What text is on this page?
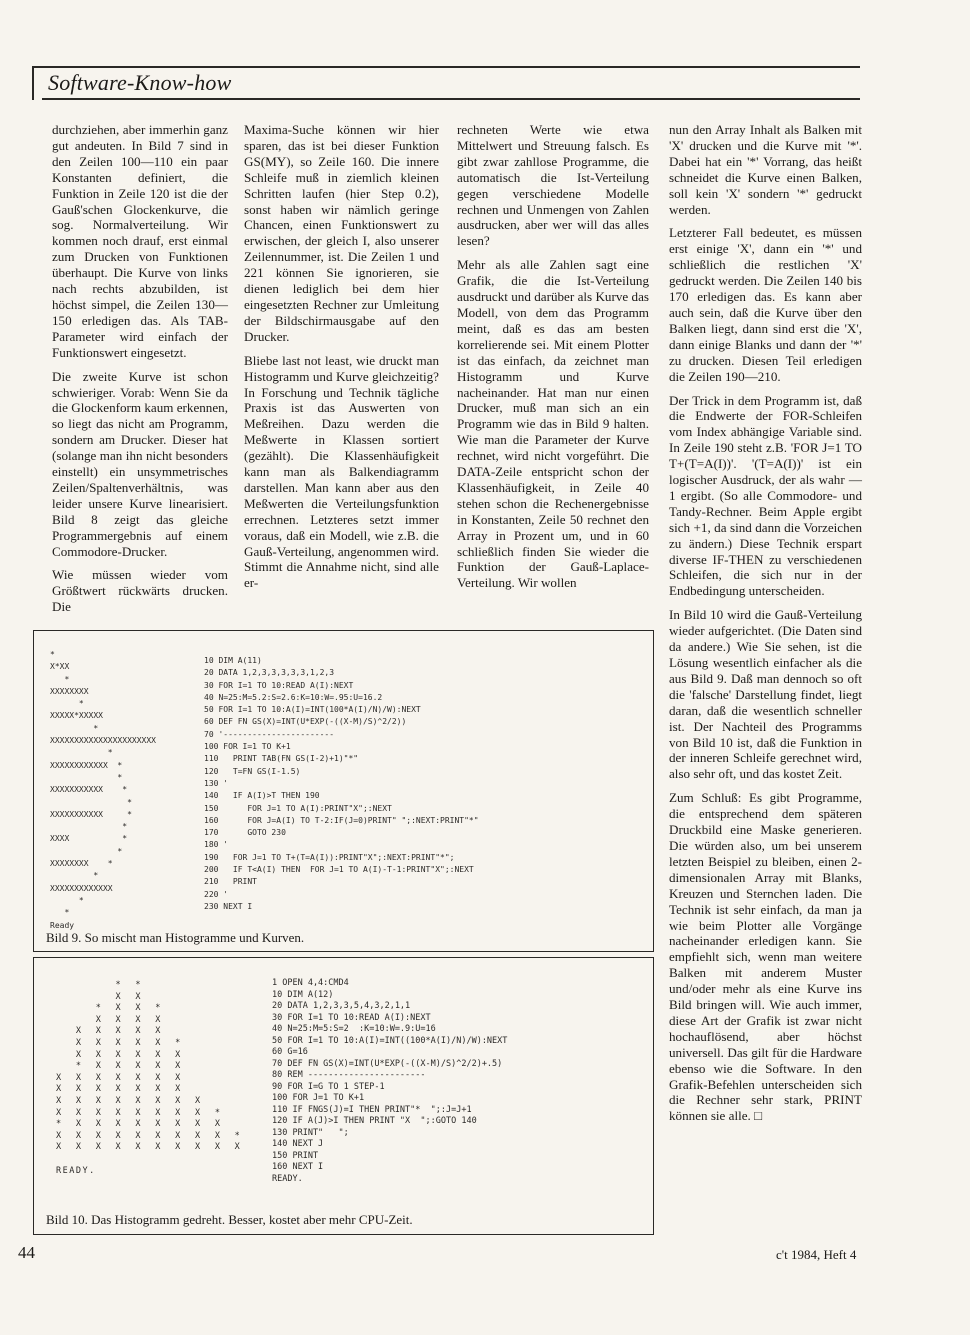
Software-Know-how

durchziehen, aber immerhin ganz gut andeuten. In Bild 7 sind in den Zeilen 100—110 ein paar Konstanten definiert, die Funktion in Zeile 120 ist die der Gauß'schen Glockenkurve, die sog. Normalverteilung. Wir kommen noch drauf, erst einmal zum Drucken von Funktionen überhaupt. Die Kurve von links nach rechts abzubilden, ist höchst simpel, die Zeilen 130—150 erledigen das. Als TAB-Parameter wird einfach der Funktionswert eingesetzt.

Die zweite Kurve ist schon schwieriger. Vorab: Wenn Sie da die Glockenform kaum erkennen, so liegt das nicht am Programm, sondern am Drucker. Dieser hat (solange man ihn nicht besonders einstellt) ein unsymmetrisches Zeilen/Spaltenverhältnis, was leider unsere Kurve linearisiert. Bild 8 zeigt das gleiche Programmergebnis auf einem Commodore-Drucker.

Wie müssen wieder vom Größtwert rückwärts drucken. Die

Maxima-Suche können wir hier sparen, das ist bei dieser Funktion GS(MY), so Zeile 160. Die innere Schleife muß in ziemlich kleinen Schritten laufen (hier Step 0.2), sonst haben wir nämlich geringe Chancen, einen Funktionswert zu erwischen, der gleich I, also unserer Zeilennummer, ist. Die Zeilen 1 und 221 können Sie ignorieren, sie dienen lediglich bei dem hier eingesetzten Rechner zur Umleitung der Bildschirmausgabe auf den Drucker.

Bliebe last not least, wie druckt man Histogramm und Kurve gleichzeitig? In Forschung und Technik tägliche Praxis ist das Auswerten von Meßreihen. Dazu werden die Meßwerte in Klassen sortiert (gezählt). Die Klassenhäufigkeit kann man als Balkendiagramm darstellen. Man kann aber aus den Meßwerten die Verteilungsfunktion errechnen. Letzteres setzt immer voraus, daß ein Modell, wie z.B. die Gauß-Verteilung, angenommen wird. Stimmt die Annahme nicht, sind alle er-

rechneten Werte wie etwa Mittelwert und Streuung falsch. Es gibt zwar zahllose Programme, die automatisch die Ist-Verteilung gegen verschiedene Modelle rechnen und Unmengen von Zahlen ausdrucken, aber wer will das alles lesen?

Mehr als alle Zahlen sagt eine Grafik, die die Ist-Verteilung ausdruckt und darüber als Kurve das Modell, von dem das Programm meint, daß es das am besten korrelierende sei. Mit einem Plotter ist das einfach, da zeichnet man Histogramm und Kurve nacheinander. Hat man nur einen Drucker, muß man sich an ein Programm wie das in Bild 9 halten. Wie man die Parameter der Kurve rechnet, wird nicht vorgeführt. Die DATA-Zeile entspricht schon der Klassenhäufigkeit, in Zeile 40 stehen schon die Rechenergebnisse in Konstanten, Zeile 50 rechnet den Array in Prozent um, und in 60 schließlich finden Sie wieder die Funktion der Gauß-Laplace-Verteilung. Wir wollen

nun den Array Inhalt als Balken mit 'X' drucken und die Kurve mit '*'. Dabei hat ein '*' Vorrang, das heißt schneidet die Kurve einen Balken, soll kein 'X' sondern '*' gedruckt werden.

Letzterer Fall bedeutet, es müssen erst einige 'X', dann ein '*' und schließlich die restlichen 'X' gedruckt werden. Die Zeilen 140 bis 170 erledigen das. Es kann aber auch sein, daß die Kurve über den Balken liegt, dann sind erst die 'X', dann einige Blanks und dann der '*' zu drucken. Diesen Teil erledigen die Zeilen 190—210.

Der Trick in dem Programm ist, daß die Endwerte der FOR-Schleifen vom Index abhängige Variable sind. In Zeile 190 steht z.B. 'FOR J=1 TO T+(T=A(I))'. '(T=A(I))' ist ein logischer Ausdruck, der als wahr —1 ergibt. (So alle Commodore- und Tandy-Rechner. Beim Apple ergibt sich +1, da sind dann die Vorzeichen zu ändern.) Diese Technik erspart diverse IF-THEN zu verschiedenen Schleifen, die sich nur in der Endbedingung unterscheiden.

In Bild 10 wird die Gauß-Verteilung wieder aufgerichtet. (Die Daten sind da andere.) Wie Sie sehen, ist die Lösung wesentlich einfacher als die aus Bild 9. Daß man dennoch so oft die 'falsche' Darstellung findet, liegt daran, daß die wesentlich schneller ist. Der Nachteil des Programms von Bild 10 ist, daß die Funktion in der inneren Schleife gerechnet wird, also sehr oft, und das kostet Zeit.

Zum Schluß: Es gibt Programme, die entsprechend dem späteren Druckbild eine Maske generieren. Die würden also, um bei unserem letzten Beispiel zu bleiben, einen 2-dimensionalen Array mit Blanks, Kreuzen und Sternchen laden. Die Technik ist sehr einfach, da man ja wie beim Plotter alle Vorgänge nacheinander erledigen kann. Sie empfiehlt sich, wenn man weitere Balken mit anderem Muster und/oder mehr als eine Kurve ins Bild bringen will. Wie auch immer, diese Art der Grafik ist zwar nicht hochauflösend, aber höchst universell. Das gilt für die Hardware ebenso wie die Software. In den Grafik-Befehlen unterscheiden sich die Rechner sehr stark, PRINT können sie alle. □

*
X*XX
*
XXXXXXXX
*
XXXXX*XXXXX
*
XXXXXXXXXXXXXXXXXXXXXX
*
XXXXXXXXXXXX  *
*
XXXXXXXXXXX    *
*
XXXXXXXXXXX     *
*
XXXX           *
*
XXXXXXXX    *
*
XXXXXXXXXXXXX
*
*
Ready
10 DIM A(11)
20 DATA 1,2,3,3,3,3,3,1,2,3
30 FOR I=1 TO 10:READ A(I):NEXT
40 N=25:M=5.2:S=2.6:K=10:W=.95:U=16.2
50 FOR I=1 TO 10:A(I)=INT(100*A(I)/N)/W):NEXT
60 DEF FN GS(X)=INT(U*EXP(-((X-M)/S)^2/2))
70 '-----------------------
100 FOR I=1 TO K+1
110   PRINT TAB(FN GS(I-2)+1)"*"
120   T=FN GS(I-1.5)
130 '
140   IF A(I)>T THEN 190
150      FOR J=1 TO A(I):PRINT"X";:NEXT
160      FOR J=A(I) TO T-2:IF(J=0)PRINT" ";:NEXT:PRINT"*"
170      GOTO 230
180 '
190   FOR J=1 TO T+(T=A(I)):PRINT"X";:NEXT:PRINT"*";
200   IF T<A(I) THEN  FOR J=1 TO A(I)-T-1:PRINT"X";:NEXT
210   PRINT
220 '
230 NEXT I
Bild 9. So mischt man Histogramme und Kurven.
*  *
X  X
*  X  X  *
X  X  X  X
X  X  X  X  X
X  X  X  X  X  *
X  X  X  X  X  X
*  X  X  X  X  X
X  X  X  X  X  X  X
X  X  X  X  X  X  X
X  X  X  X  X  X  X  X
X  X  X  X  X  X  X  X  *
*  X  X  X  X  X  X  X  X
X  X  X  X  X  X  X  X  X  *
X  X  X  X  X  X  X  X  X  X

READY.
1 OPEN 4,4:CMD4
10 DIM A(12)
20 DATA 1,2,3,3,5,4,3,2,1,1
30 FOR I=1 TO 10:READ A(I):NEXT
40 N=25:M=5:S=2  :K=10:W=.9:U=16
50 FOR I=1 TO 10:A(I)=INT((100*A(I)/N)/W):NEXT
60 G=16
70 DEF FN GS(X)=INT(U*EXP(-((X-M)/S)^2/2)+.5)
80 REM -----------------------
90 FOR I=G TO 1 STEP-1
100 FOR J=1 TO K+1
110 IF FNGS(J)=I THEN PRINT"*  ";:J=J+1
120 IF A(J)>I THEN PRINT "X  ";:GOTO 140
130 PRINT"   ";
140 NEXT J
150 PRINT
160 NEXT I
READY.
Bild 10. Das Histogramm gedreht. Besser, kostet aber mehr CPU-Zeit.
44	c't 1984, Heft 4
